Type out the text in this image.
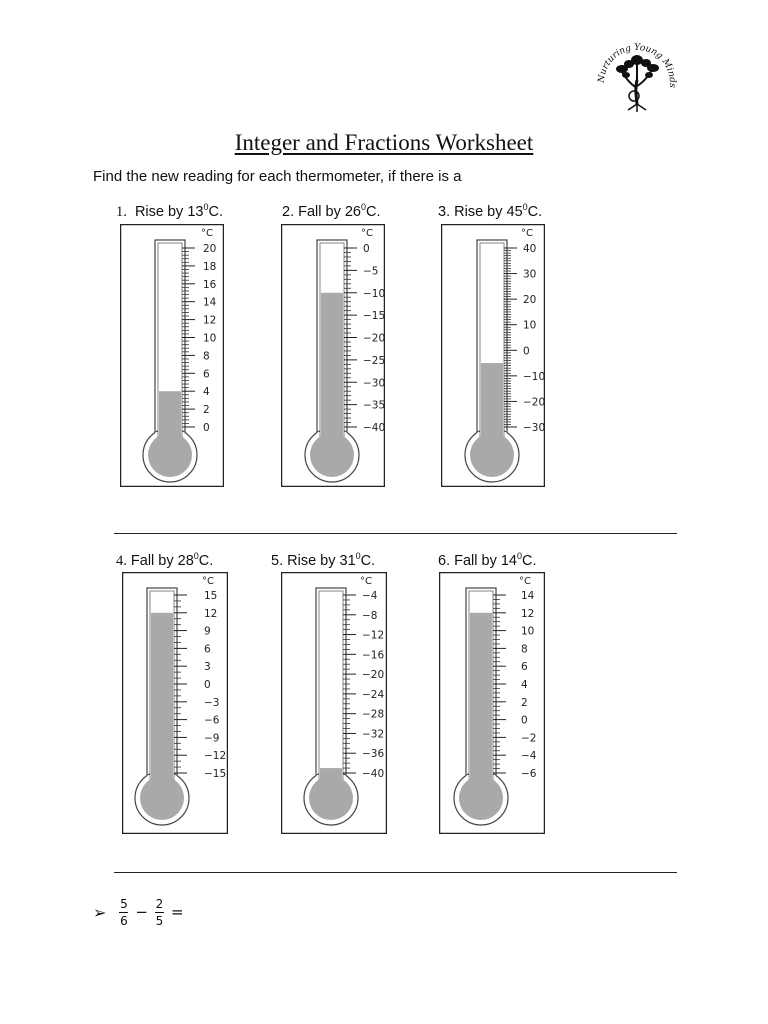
Nurturing Young Minds
Integer and Fractions Worksheet
Find the new reading for each thermometer, if there is a
1. Rise by $13^0C$.	2. Fall by $26^0C$.	3. Rise by $45^0C$.
20
18
16
14
12
10
8
6
4
2
0
°C
0
−5
−10
−15
−20
−25
−30
−35
−40
°C
40
30
20
10
0
−10
−20
−30
°C
4. Fall by $28^0C$.	5. Rise by $31^0C$.	6. Fall by $14^0C$.
15
12
9
6
3
0
−3
−6
−9
−12
−15
°C
−4
−8
−12
−16
−20
−24
−28
−32
−36
−40
°C
14
12
10
8
6
4
2
0
−2
−4
−6
°C
➢ $\frac{5}{6} - \frac{2}{5}$ =
